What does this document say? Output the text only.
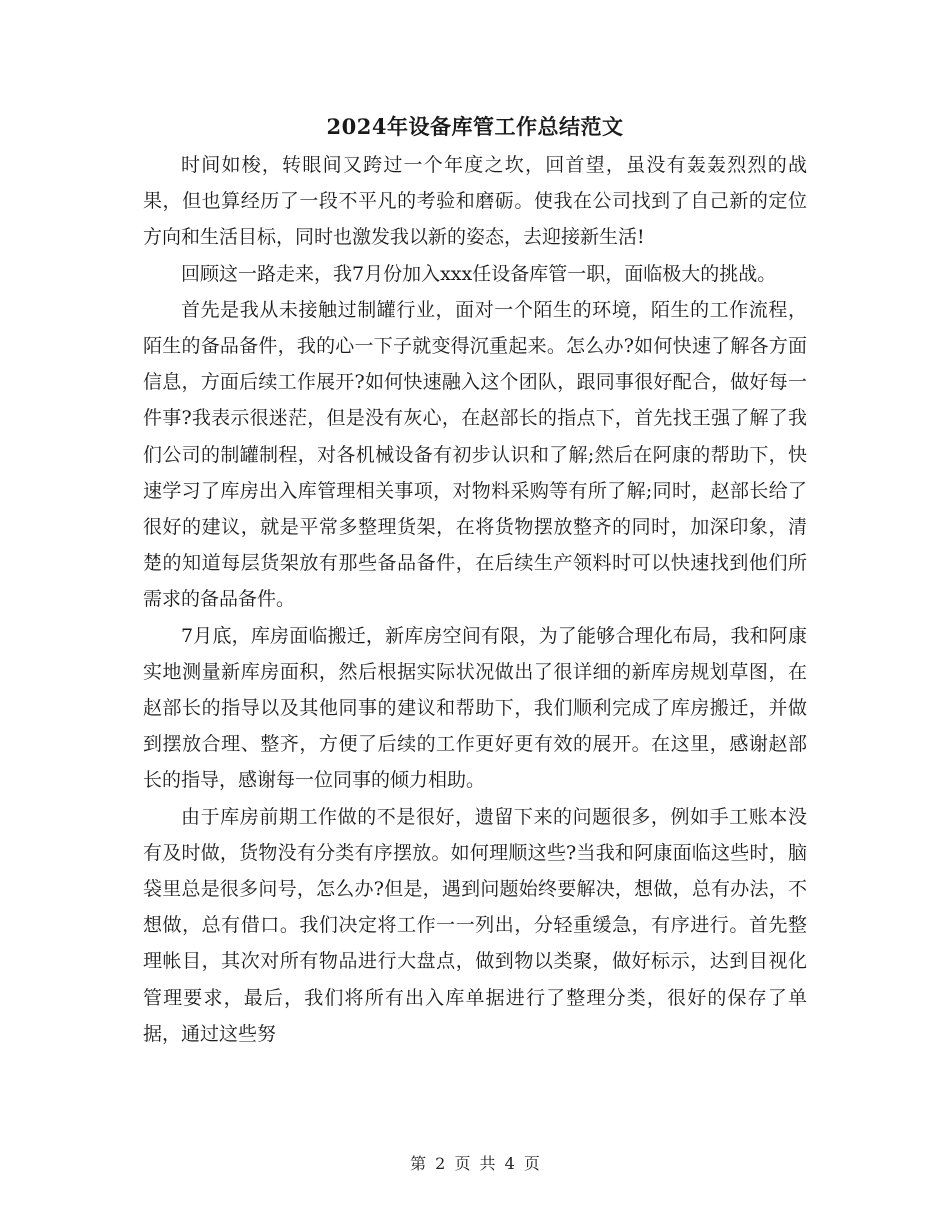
2024年设备库管工作总结范文

时间如梭，转眼间又跨过一个年度之坎，回首望，虽没有轰轰烈烈的战果，但也算经历了一段不平凡的考验和磨砺。使我在公司找到了自己新的定位方向和生活目标，同时也激发我以新的姿态，去迎接新生活!

回顾这一路走来，我7月份加入xxx任设备库管一职，面临极大的挑战。

首先是我从未接触过制罐行业，面对一个陌生的环境，陌生的工作流程，陌生的备品备件，我的心一下子就变得沉重起来。怎么办?如何快速了解各方面信息，方面后续工作展开?如何快速融入这个团队，跟同事很好配合，做好每一件事?我表示很迷茫，但是没有灰心，在赵部长的指点下，首先找王强了解了我们公司的制罐制程，对各机械设备有初步认识和了解;然后在阿康的帮助下，快速学习了库房出入库管理相关事项，对物料采购等有所了解;同时，赵部长给了很好的建议，就是平常多整理货架，在将货物摆放整齐的同时，加深印象，清楚的知道每层货架放有那些备品备件，在后续生产领料时可以快速找到他们所需求的备品备件。

7月底，库房面临搬迁，新库房空间有限，为了能够合理化布局，我和阿康实地测量新库房面积，然后根据实际状况做出了很详细的新库房规划草图，在赵部长的指导以及其他同事的建议和帮助下，我们顺利完成了库房搬迁，并做到摆放合理、整齐，方便了后续的工作更好更有效的展开。在这里，感谢赵部长的指导，感谢每一位同事的倾力相助。

由于库房前期工作做的不是很好，遗留下来的问题很多，例如手工账本没有及时做，货物没有分类有序摆放。如何理顺这些?当我和阿康面临这些时，脑袋里总是很多问号，怎么办?但是，遇到问题始终要解决，想做，总有办法，不想做，总有借口。我们决定将工作一一列出，分轻重缓急，有序进行。首先整理帐目，其次对所有物品进行大盘点，做到物以类聚，做好标示，达到目视化管理要求，最后，我们将所有出入库单据进行了整理分类，很好的保存了单据，通过这些努

第 2 页 共 4 页
